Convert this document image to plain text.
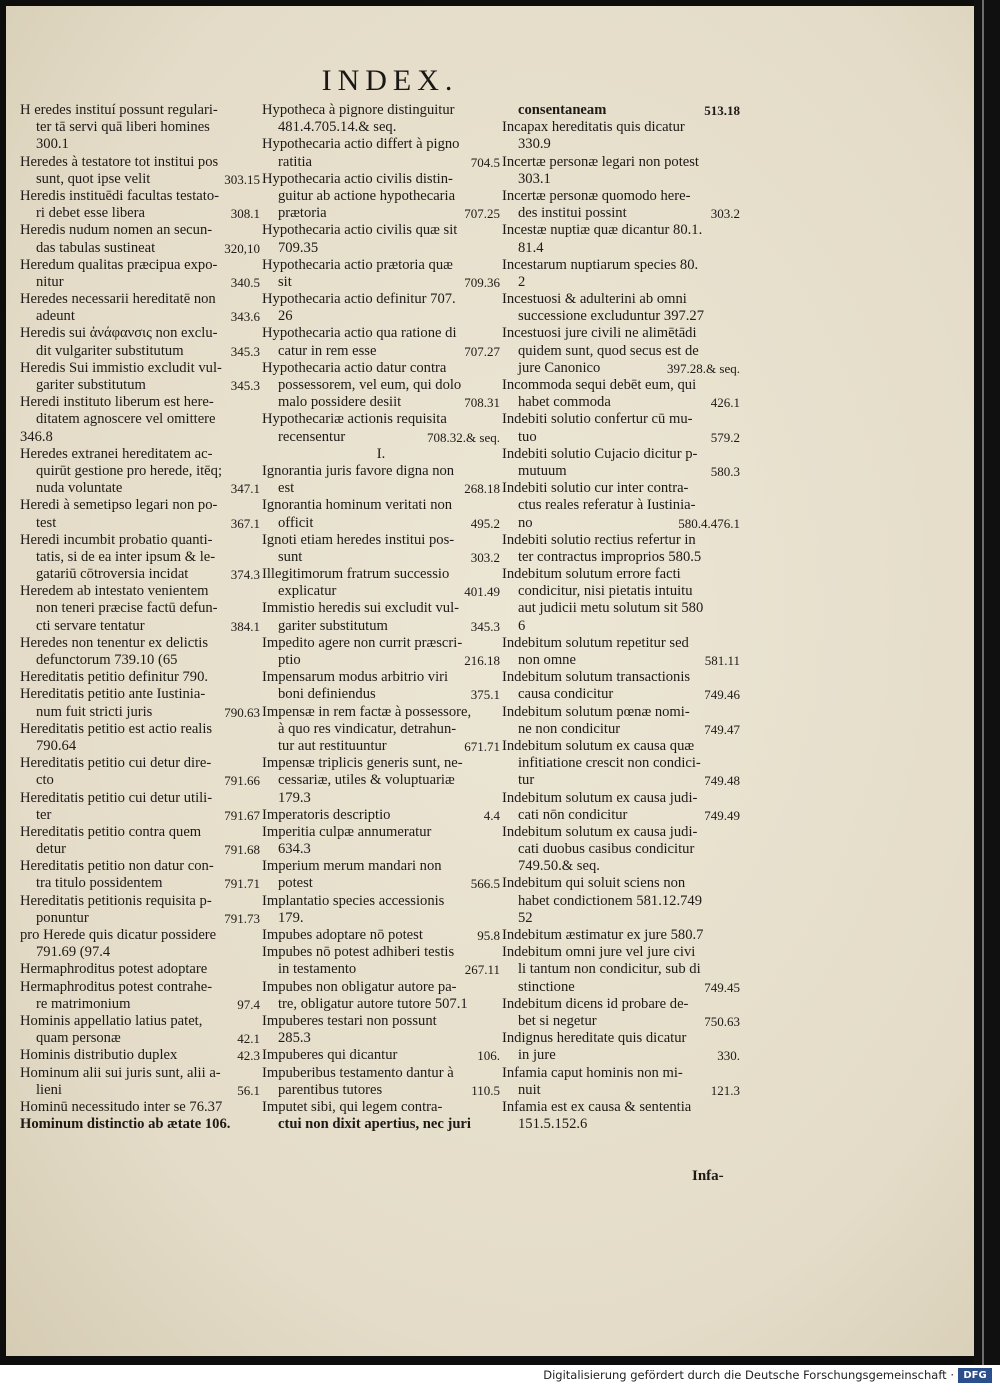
INDEX.
H eredes instituí possunt regulari-
ter tā servi quā liberi homines
300.1
Heredes à testatore tot institui pos
sunt, quot ipse velit	303.15
Heredis instituēdi facultas testato-
ri debet esse libera	308.1
Heredis nudum nomen an secun-
das tabulas sustineat	320,10
Heredum qualitas præcipua expo-
nitur	340.5
Heredes necessarii hereditatē non
adeunt	343.6
Heredis sui ἀνάφανσις non exclu-
dit vulgariter substitutum	345.3
Heredis Sui immistio excludit vul-
gariter substitutum	345.3
Heredi instituto liberum est here-
ditatem agnoscere vel omittere
346.8
Heredes extranei hereditatem ac-
quirūt gestione pro herede, itēq;
nuda voluntate	347.1
Heredi à semetipso legari non po-
test	367.1
Heredi incumbit probatio quanti-
tatis, si de ea inter ipsum & le-
gatariū cōtroversia incidat	374.3
Heredem ab intestato venientem
non teneri præcise factū defun-
cti servare tentatur	384.1
Heredes non tenentur ex delictis
defunctorum 739.10 (65
Hereditatis petitio definitur 790.
Hereditatis petitio ante Iustinia-
num fuit stricti juris	790.63
Hereditatis petitio est actio realis
790.64
Hereditatis petitio cui detur dire-
cto	791.66
Hereditatis petitio cui detur utili-
ter	791.67
Hereditatis petitio contra quem
detur	791.68
Hereditatis petitio non datur con-
tra titulo possidentem	791.71
Hereditatis petitionis requisita p-
ponuntur	791.73
pro Herede quis dicatur possidere
791.69 (97.4
Hermaphroditus potest adoptare
Hermaphroditus potest contrahe-
re matrimonium	97.4
Hominis appellatio latius patet,
quam personæ	42.1
Hominis distributio duplex	42.3
Hominum alii sui juris sunt, alii a-
lieni	56.1
Hominū necessitudo inter se 76.37
Hominum distinctio ab ætate 106.
Hypotheca à pignore distinguitur
481.4.705.14.& seq.
Hypothecaria actio differt à pigno
ratitia	704.5
Hypothecaria actio civilis distin-
guitur ab actione hypothecaria
prætoria	707.25
Hypothecaria actio civilis quæ sit
709.35
Hypothecaria actio prætoria quæ
sit	709.36
Hypothecaria actio definitur 707.
26
Hypothecaria actio qua ratione di
catur in rem esse	707.27
Hypothecaria actio datur contra
possessorem, vel eum, qui dolo
malo possidere desiit	708.31
Hypothecariæ actionis requisita
recensentur	708.32.& seq.
I.
Ignorantia juris favore digna non
est	268.18
Ignorantia hominum veritati non
officit	495.2
Ignoti etiam heredes institui pos-
sunt	303.2
Illegitimorum fratrum successio
explicatur	401.49
Immistio heredis sui excludit vul-
gariter substitutum	345.3
Impedito agere non currit præscri-
ptio	216.18
Impensarum modus arbitrio viri
boni definiendus	375.1
Impensæ in rem factæ à possessore,
à quo res vindicatur, detrahun-
tur aut restituuntur	671.71
Impensæ triplicis generis sunt, ne-
cessariæ, utiles & voluptuariæ
179.3
Imperatoris descriptio	4.4
Imperitia culpæ annumeratur
634.3
Imperium merum mandari non
potest	566.5
Implantatio species accessionis
179.
Impubes adoptare nō potest	95.8
Impubes nō potest adhiberi testis
in testamento	267.11
Impubes non obligatur autore pa-
tre, obligatur autore tutore 507.1
Impuberes testari non possunt
285.3
Impuberes qui dicantur	106.
Impuberibus testamento dantur à
parentibus tutores	110.5
Imputet sibi, qui legem contra-
ctui non dixit apertius, nec juri
consentaneam	513.18
Incapax hereditatis quis dicatur
330.9
Incertæ personæ legari non potest
303.1
Incertæ personæ quomodo here-
des institui possint	303.2
Incestæ nuptiæ quæ dicantur 80.1.
81.4
Incestarum nuptiarum species 80.
2
Incestuosi & adulterini ab omni
successione excluduntur 397.27
Incestuosi jure civili ne alimētādi
quidem sunt, quod secus est de
jure Canonico	397.28.& seq.
Incommoda sequi debēt eum, qui
habet commoda	426.1
Indebiti solutio confertur cū mu-
tuo	579.2
Indebiti solutio Cujacio dicitur p-
mutuum	580.3
Indebiti solutio cur inter contra-
ctus reales referatur à Iustinia-
no	580.4.476.1
Indebiti solutio rectius refertur in
ter contractus improprios 580.5
Indebitum solutum errore facti
condicitur, nisi pietatis intuitu
aut judicii metu solutum sit 580
6
Indebitum solutum repetitur sed
non omne	581.11
Indebitum solutum transactionis
causa condicitur	749.46
Indebitum solutum pœnæ nomi-
ne non condicitur	749.47
Indebitum solutum ex causa quæ
infitiatione crescit non condici-
tur	749.48
Indebitum solutum ex causa judi-
cati nōn condicitur	749.49
Indebitum solutum ex causa judi-
cati duobus casibus condicitur
749.50.& seq.
Indebitum qui soluit sciens non
habet condictionem 581.12.749
52
Indebitum æstimatur ex jure 580.7
Indebitum omni jure vel jure civi
li tantum non condicitur, sub di
stinctione	749.45
Indebitum dicens id probare de-
bet si negetur	750.63
Indignus hereditate quis dicatur
in jure	330.
Infamia caput hominis non mi-
nuit	121.3
Infamia est ex causa & sententia
151.5.152.6
Infa-
Digitalisierung gefördert durch die Deutsche Forschungsgemeinschaft · DFG
